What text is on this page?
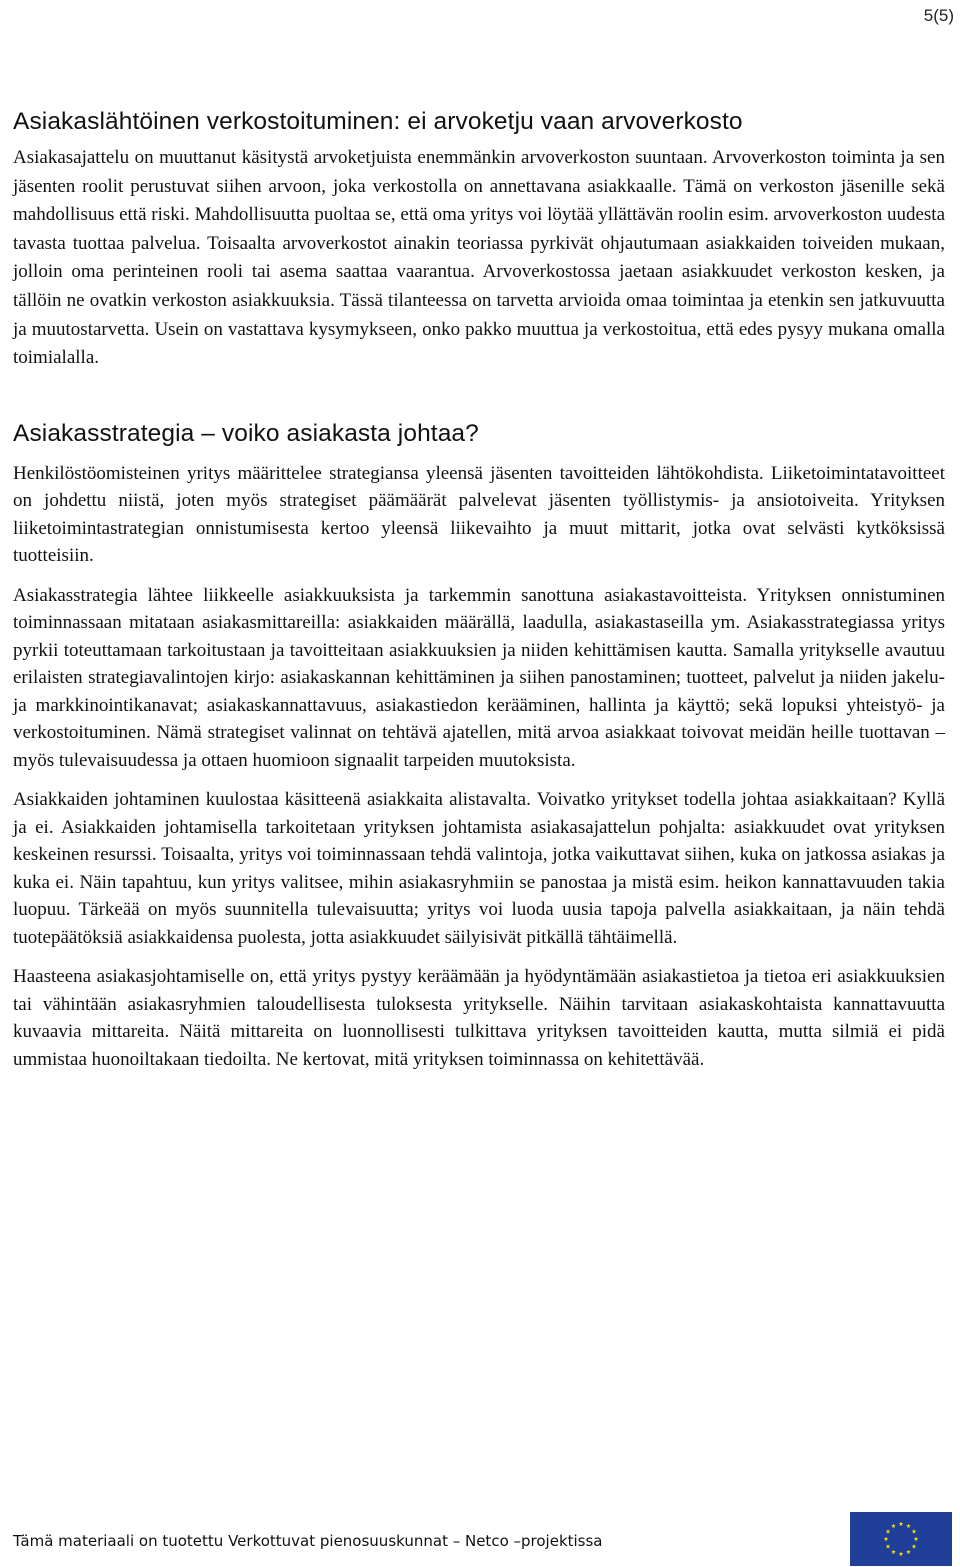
5(5)
Asiakaslähtöinen verkostoituminen: ei arvoketju vaan arvoverkosto

Asiakasajattelu on muuttanut käsitystä arvoketjuista enemmänkin arvoverkoston suuntaan. Arvoverkoston toiminta ja sen jäsenten roolit perustuvat siihen arvoon, joka verkostolla on annettavana asiakkaalle. Tämä on verkoston jäsenille sekä mahdollisuus että riski. Mahdollisuutta puoltaa se, että oma yritys voi löytää yllättävän roolin esim. arvoverkoston uudesta tavasta tuottaa palvelua. Toisaalta arvoverkostot ainakin teoriassa pyrkivät ohjautumaan asiakkaiden toiveiden mukaan, jolloin oma perinteinen rooli tai asema saattaa vaarantua. Arvoverkostossa jaetaan asiakkuudet verkoston kesken, ja tällöin ne ovatkin verkoston asiakkuuksia. Tässä tilanteessa on tarvetta arvioida omaa toimintaa ja etenkin sen jatkuvuutta ja muutostarvetta. Usein on vastattava kysymykseen, onko pakko muuttua ja verkostoitua, että edes pysyy mukana omalla toimialalla.

Asiakasstrategia – voiko asiakasta johtaa?

Henkilöstöomisteinen yritys määrittelee strategiansa yleensä jäsenten tavoitteiden lähtökohdista. Liiketoimintatavoitteet on johdettu niistä, joten myös strategiset päämäärät palvelevat jäsenten työllistymis- ja ansiotoiveita. Yrityksen liiketoimintastrategian onnistumisesta kertoo yleensä liikevaihto ja muut mittarit, jotka ovat selvästi kytköksissä tuotteisiin.

Asiakasstrategia lähtee liikkeelle asiakkuuksista ja tarkemmin sanottuna asiakastavoitteista. Yrityksen onnistuminen toiminnassaan mitataan asiakasmittareilla: asiakkaiden määrällä, laadulla, asiakastaseilla ym. Asiakasstrategiassa yritys pyrkii toteuttamaan tarkoitustaan ja tavoitteitaan asiakkuuksien ja niiden kehittämisen kautta. Samalla yritykselle avautuu erilaisten strategiavalintojen kirjo: asiakaskannan kehittäminen ja siihen panostaminen; tuotteet, palvelut ja niiden jakelu- ja markkinointikanavat; asiakaskannattavuus, asiakastiedon kerääminen, hallinta ja käyttö; sekä lopuksi yhteistyö- ja verkostoituminen. Nämä strategiset valinnat on tehtävä ajatellen, mitä arvoa asiakkaat toivovat meidän heille tuottavan – myös tulevaisuudessa ja ottaen huomioon signaalit tarpeiden muutoksista.

Asiakkaiden johtaminen kuulostaa käsitteenä asiakkaita alistavalta. Voivatko yritykset todella johtaa asiakkaitaan? Kyllä ja ei. Asiakkaiden johtamisella tarkoitetaan yrityksen johtamista asiakasajattelun pohjalta: asiakkuudet ovat yrityksen keskeinen resurssi. Toisaalta, yritys voi toiminnassaan tehdä valintoja, jotka vaikuttavat siihen, kuka on jatkossa asiakas ja kuka ei. Näin tapahtuu, kun yritys valitsee, mihin asiakasryhmiin se panostaa ja mistä esim. heikon kannattavuuden takia luopuu. Tärkeää on myös suunnitella tulevaisuutta; yritys voi luoda uusia tapoja palvella asiakkaitaan, ja näin tehdä tuotepäätöksiä asiakkaidensa puolesta, jotta asiakkuudet säilyisivät pitkällä tähtäimellä.

Haasteena asiakasjohtamiselle on, että yritys pystyy keräämään ja hyödyntämään asiakastietoa ja tietoa eri asiakkuuksien tai vähintään asiakasryhmien taloudellisesta tuloksesta yritykselle. Näihin tarvitaan asiakaskohtaista kannattavuutta kuvaavia mittareita. Näitä mittareita on luonnollisesti tulkittava yrityksen tavoitteiden kautta, mutta silmiä ei pidä ummistaa huonoiltakaan tiedoilta. Ne kertovat, mitä yrityksen toiminnassa on kehitettävää.

Tämä materiaali on tuotettu Verkottuvat pienosuuskunnat – Netco –projektissa
